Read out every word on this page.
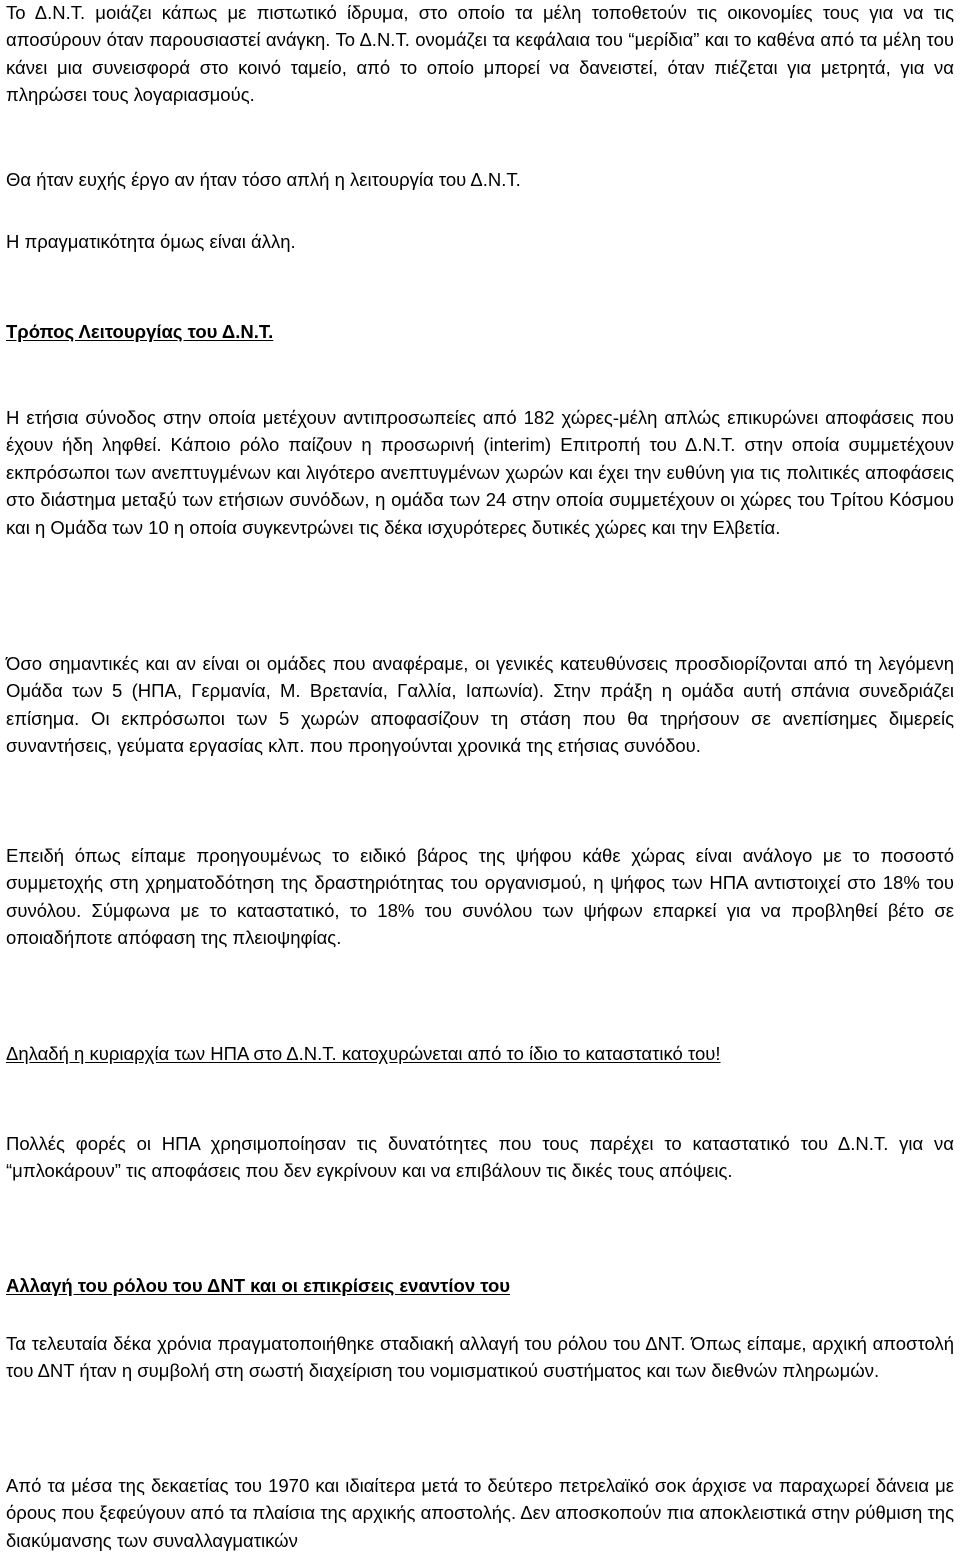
Το Δ.Ν.Τ. μοιάζει κάπως με πιστωτικό ίδρυμα, στο οποίο τα μέλη τοποθετούν τις οικονομίες τους για να τις αποσύρουν όταν παρουσιαστεί ανάγκη. Το Δ.Ν.Τ. ονομάζει τα κεφάλαια του “μερίδια” και το καθένα από τα μέλη του κάνει μια συνεισφορά στο κοινό ταμείο, από το οποίο μπορεί να δανειστεί, όταν πιέζεται για μετρητά, για να πληρώσει τους λογαριασμούς.

Θα ήταν ευχής έργο αν ήταν τόσο απλή η λειτουργία του Δ.Ν.Τ.

Η πραγματικότητα όμως είναι άλλη.

Τρόπος Λειτουργίας του Δ.Ν.Τ.

Η ετήσια σύνοδος στην οποία μετέχουν αντιπροσωπείες από 182 χώρες-μέλη απλώς επικυρώνει αποφάσεις που έχουν ήδη ληφθεί. Κάποιο ρόλο παίζουν η προσωρινή (interim) Επιτροπή του Δ.Ν.Τ. στην οποία συμμετέχουν εκπρόσωποι των ανεπτυγμένων και λιγότερο ανεπτυγμένων χωρών και έχει την ευθύνη για τις πολιτικές αποφάσεις στο διάστημα μεταξύ των ετήσιων συνόδων, η ομάδα των 24 στην οποία συμμετέχουν οι χώρες του Τρίτου Κόσμου και η Ομάδα των 10 η οποία συγκεντρώνει τις δέκα ισχυρότερες δυτικές χώρες και την Ελβετία.

Όσο σημαντικές και αν είναι οι ομάδες που αναφέραμε, οι γενικές κατευθύνσεις προσδιορίζονται από τη λεγόμενη Ομάδα των 5 (ΗΠΑ, Γερμανία, Μ. Βρετανία, Γαλλία, Ιαπωνία). Στην πράξη η ομάδα αυτή σπάνια συνεδριάζει επίσημα. Οι εκπρόσωποι των 5 χωρών αποφασίζουν τη στάση που θα τηρήσουν σε ανεπίσημες διμερείς συναντήσεις, γεύματα εργασίας κλπ. που προηγούνται χρονικά της ετήσιας συνόδου.

Επειδή όπως είπαμε προηγουμένως το ειδικό βάρος της ψήφου κάθε χώρας είναι ανάλογο με το ποσοστό συμμετοχής στη χρηματοδότηση της δραστηριότητας του οργανισμού, η ψήφος των ΗΠΑ αντιστοιχεί στο 18% του συνόλου. Σύμφωνα με το καταστατικό, το 18% του συνόλου των ψήφων επαρκεί για να προβληθεί βέτο σε οποιαδήποτε απόφαση της πλειοψηφίας.

Δηλαδή η κυριαρχία των ΗΠΑ στο Δ.Ν.Τ. κατοχυρώνεται από το ίδιο το καταστατικό του!

Πολλές φορές οι ΗΠΑ χρησιμοποίησαν τις δυνατότητες που τους παρέχει το καταστατικό του Δ.Ν.Τ. για να “μπλοκάρουν” τις αποφάσεις που δεν εγκρίνουν και να επιβάλουν τις δικές τους απόψεις.

Αλλαγή του ρόλου του ΔΝΤ και οι επικρίσεις εναντίον του

Τα τελευταία δέκα χρόνια πραγματοποιήθηκε σταδιακή αλλαγή του ρόλου του ΔΝΤ. Όπως είπαμε, αρχική αποστολή του ΔΝΤ ήταν η συμβολή στη σωστή διαχείριση του νομισματικού συστήματος και των διεθνών πληρωμών.

Από τα μέσα της δεκαετίας του 1970 και ιδιαίτερα μετά το δεύτερο πετρελαϊκό σοκ άρχισε να παραχωρεί δάνεια με όρους που ξεφεύγουν από τα πλαίσια της αρχικής αποστολής. Δεν αποσκοπούν πια αποκλειστικά στην ρύθμιση της διακύμανσης των συναλλαγματικών
